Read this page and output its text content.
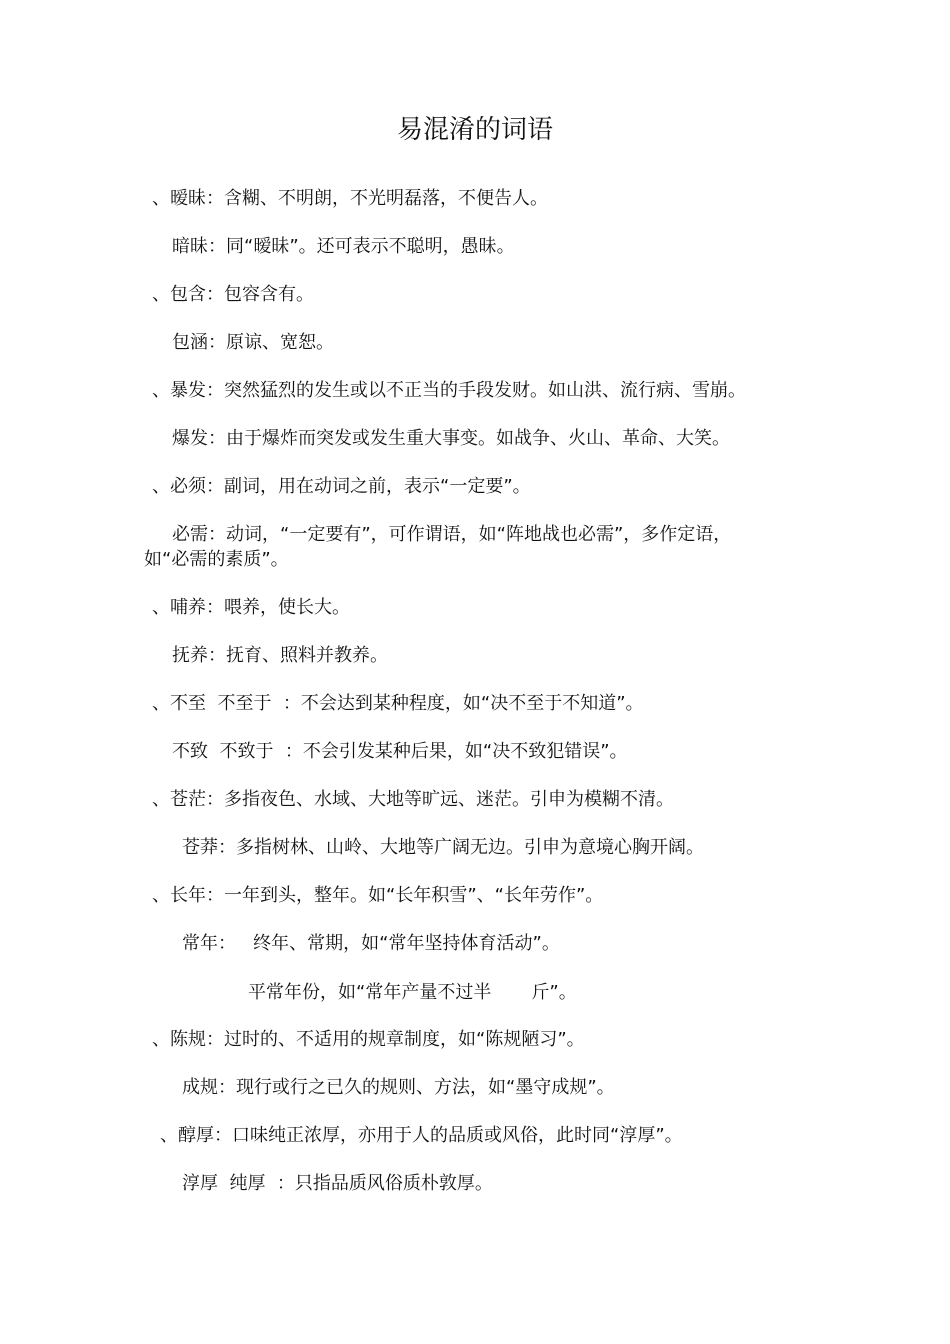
易混淆的词语
、暧昧：含糊、不明朗，不光明磊落，不便告人。
暗昧：同“暧昧”。还可表示不聪明，愚昧。
、包含：包容含有。
包涵：原谅、宽恕。
、暴发：突然猛烈的发生或以不正当的手段发财。如山洪、流行病、雪崩。
爆发：由于爆炸而突发或发生重大事变。如战争、火山、革命、大笑。
、必须：副词，用在动词之前，表示“一定要”。
必需：动词，“一定要有”，可作谓语，如“阵地战也必需”，多作定语，
如“必需的素质”。
、哺养：喂养，使长大。
抚养：抚育、照料并教养。
、不至  不至于  ：不会达到某种程度，如“决不至于不知道”。
不致  不致于  ：不会引发某种后果，如“决不致犯错误”。
、苍茫：多指夜色、水域、大地等旷远、迷茫。引申为模糊不清。
苍莽：多指树林、山岭、大地等广阔无边。引申为意境心胸开阔。
、长年：一年到头，整年。如“长年积雪”、“长年劳作”。
常年：   终年、常期，如“常年坚持体育活动”。
平常年份，如“常年产量不过半       斤”。
、陈规：过时的、不适用的规章制度，如“陈规陋习”。
成规：现行或行之已久的规则、方法，如“墨守成规”。
、醇厚：口味纯正浓厚，亦用于人的品质或风俗，此时同“淳厚”。
淳厚  纯厚  ：只指品质风俗质朴敦厚。
